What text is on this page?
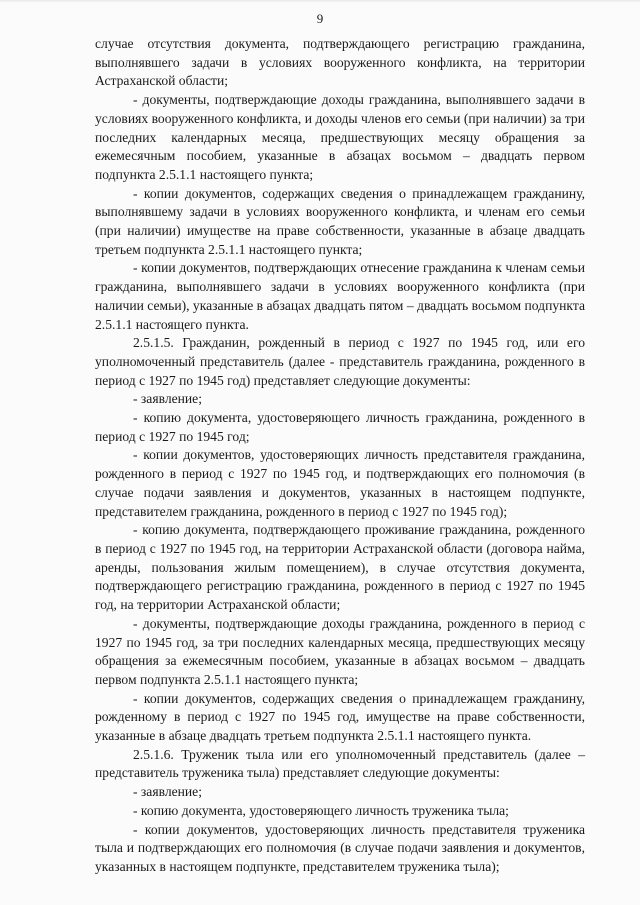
9

случае отсутствия документа, подтверждающего регистрацию гражданина, выполнявшего задачи в условиях вооруженного конфликта, на территории Астраханской области;

- документы, подтверждающие доходы гражданина, выполнявшего задачи в условиях вооруженного конфликта, и доходы членов его семьи (при наличии) за три последних календарных месяца, предшествующих месяцу обращения за ежемесячным пособием, указанные в абзацах восьмом – двадцать первом подпункта 2.5.1.1 настоящего пункта;

- копии документов, содержащих сведения о принадлежащем гражданину, выполнявшему задачи в условиях вооруженного конфликта, и членам его семьи (при наличии) имуществе на праве собственности, указанные в абзаце двадцать третьем подпункта 2.5.1.1 настоящего пункта;

- копии документов, подтверждающих отнесение гражданина к членам семьи гражданина, выполнявшего задачи в условиях вооруженного конфликта (при наличии семьи), указанные в абзацах двадцать пятом – двадцать восьмом подпункта 2.5.1.1 настоящего пункта.

2.5.1.5. Гражданин, рожденный в период с 1927 по 1945 год, или его уполномоченный представитель (далее - представитель гражданина, рожденного в период с 1927 по 1945 год) представляет следующие документы:

- заявление;

- копию документа, удостоверяющего личность гражданина, рожденного в период с 1927 по 1945 год;

- копии документов, удостоверяющих личность представителя гражданина, рожденного в период с 1927 по 1945 год, и подтверждающих его полномочия (в случае подачи заявления и документов, указанных в настоящем подпункте, представителем гражданина, рожденного в период с 1927 по 1945 год);

- копию документа, подтверждающего проживание гражданина, рожденного в период с 1927 по 1945 год, на территории Астраханской области (договора найма, аренды, пользования жилым помещением), в случае отсутствия документа, подтверждающего регистрацию гражданина, рожденного в период с 1927 по 1945 год, на территории Астраханской области;

- документы, подтверждающие доходы гражданина, рожденного в период с 1927 по 1945 год, за три последних календарных месяца, предшествующих месяцу обращения за ежемесячным пособием, указанные в абзацах восьмом – двадцать первом подпункта 2.5.1.1 настоящего пункта;

- копии документов, содержащих сведения о принадлежащем гражданину, рожденному в период с 1927 по 1945 год, имуществе на праве собственности, указанные в абзаце двадцать третьем подпункта 2.5.1.1 настоящего пункта.

2.5.1.6. Труженик тыла или его уполномоченный представитель (далее – представитель труженика тыла) представляет следующие документы:

- заявление;

- копию документа, удостоверяющего личность труженика тыла;

- копии документов, удостоверяющих личность представителя труженика тыла и подтверждающих его полномочия (в случае подачи заявления и документов, указанных в настоящем подпункте, представителем труженика тыла);
